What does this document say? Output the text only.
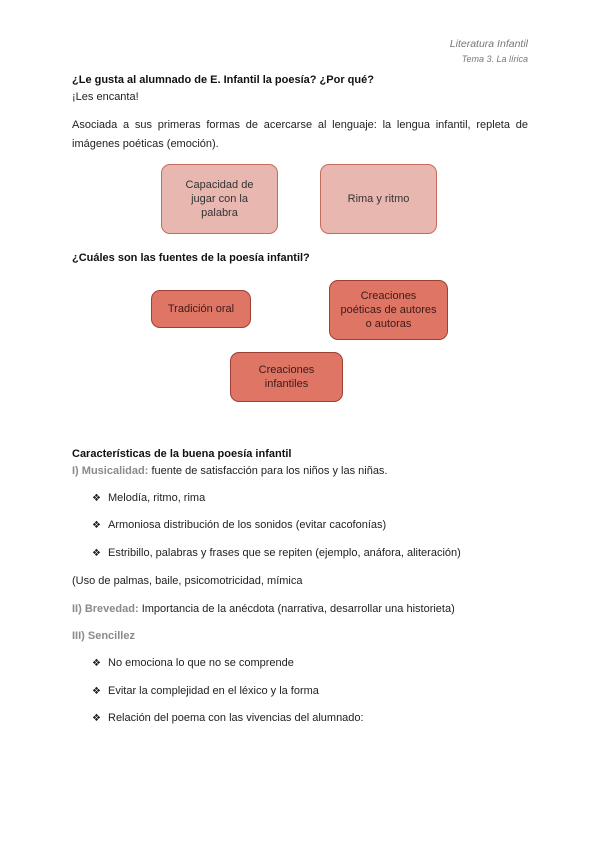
Literatura Infantil
Tema 3. La lírica
¿Le gusta al alumnado de E. Infantil la poesía? ¿Por qué?
¡Les encanta!
Asociada a sus primeras formas de acercarse al lenguaje: la lengua infantil, repleta de imágenes poéticas (emoción).
Capacidad de jugar con la palabra
Rima y ritmo
¿Cuáles son las fuentes de la poesía infantil?
Tradición oral
Creaciones poéticas de autores o autoras
Creaciones infantiles
Características de la buena poesía infantil
I) Musicalidad: fuente de satisfacción para los niños y las niñas.
❖ Melodía, ritmo, rima
❖ Armoniosa distribución de los sonidos (evitar cacofonías)
❖ Estribillo, palabras y frases que se repiten (ejemplo, anáfora, aliteración)
(Uso de palmas, baile, psicomotricidad, mímica
II) Brevedad: Importancia de la anécdota (narrativa, desarrollar una historieta)
III) Sencillez
❖ No emociona lo que no se comprende
❖ Evitar la complejidad en el léxico y la forma
❖ Relación del poema con las vivencias del alumnado:
